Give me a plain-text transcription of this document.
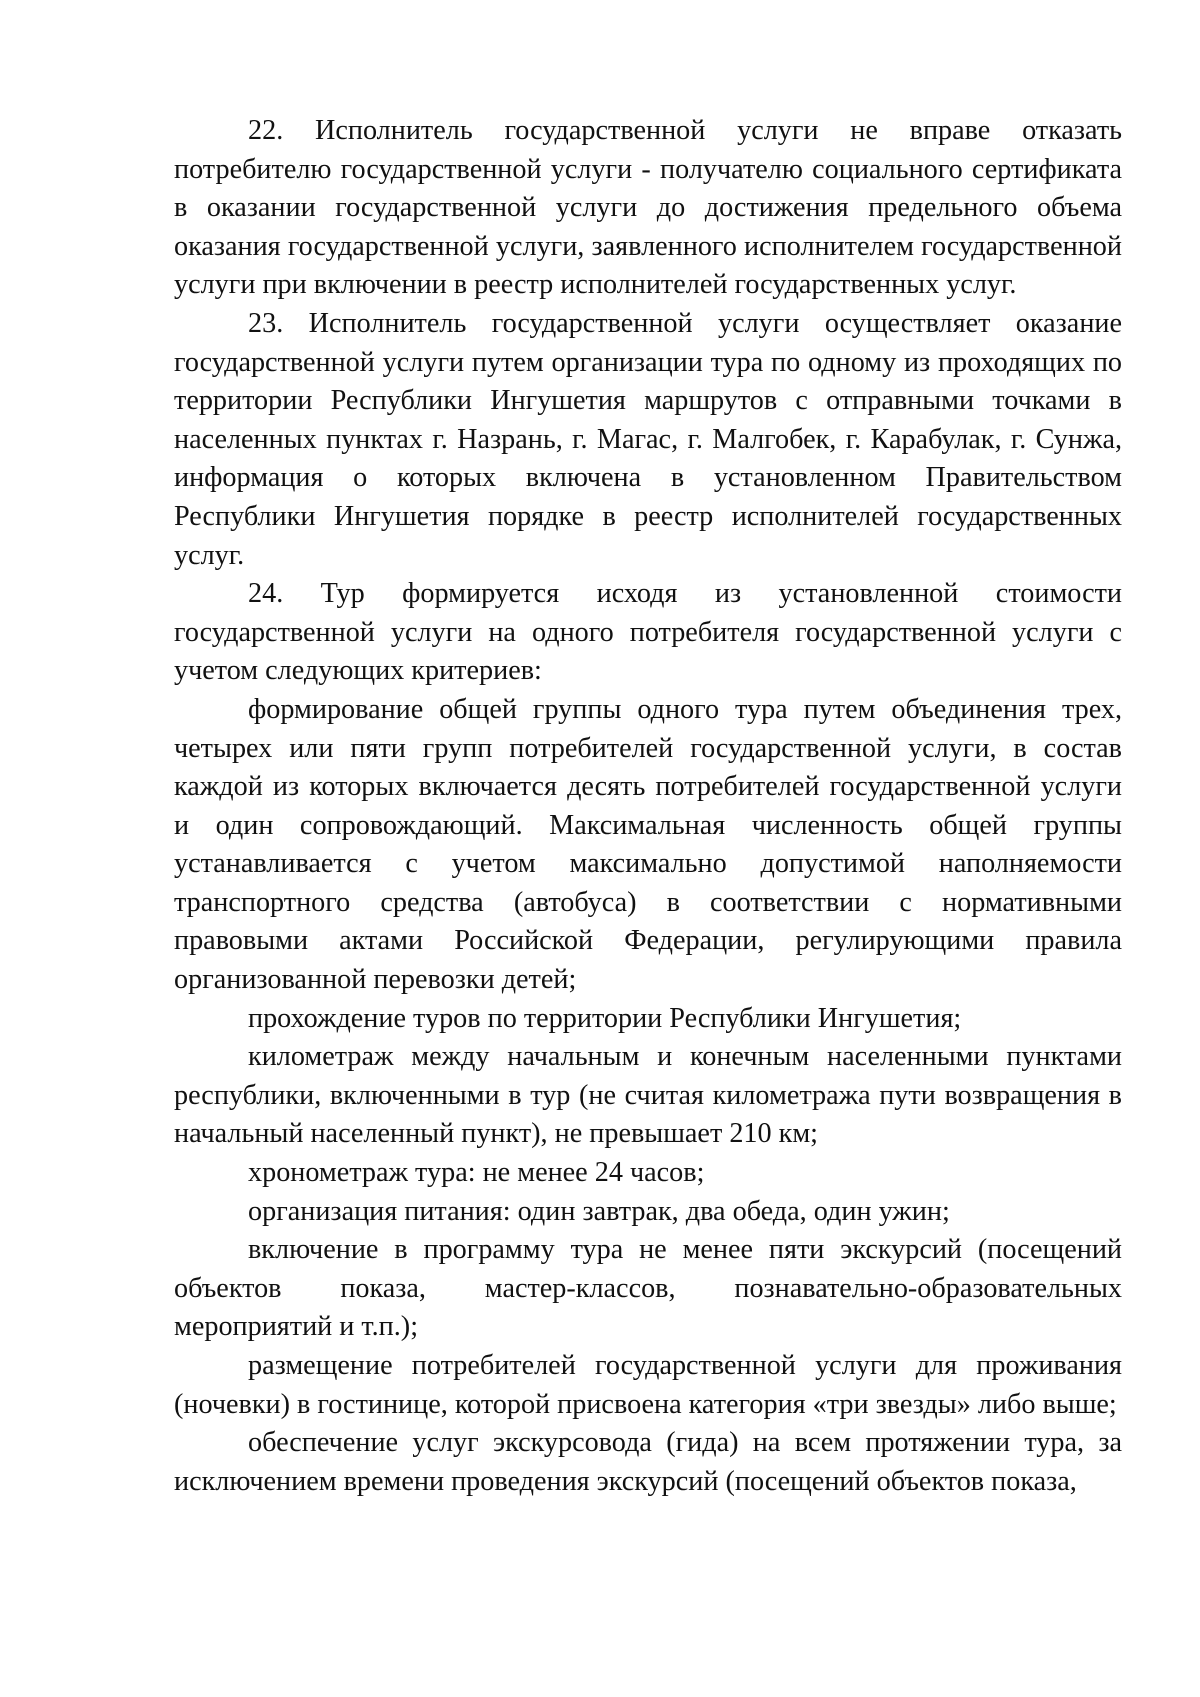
22. Исполнитель государственной услуги не вправе отказать потребителю государственной услуги - получателю социального сертификата в оказании государственной услуги до достижения предельного объема оказания государственной услуги, заявленного исполнителем государственной услуги при включении в реестр исполнителей государственных услуг.

23. Исполнитель государственной услуги осуществляет оказание государственной услуги путем организации тура по одному из проходящих по территории Республики Ингушетия маршрутов с отправными точками в населенных пунктах г. Назрань, г. Магас, г. Малгобек, г. Карабулак, г. Сунжа, информация о которых включена в установленном Правительством Республики Ингушетия порядке в реестр исполнителей государственных услуг.

24. Тур формируется исходя из установленной стоимости государственной услуги на одного потребителя государственной услуги с учетом следующих критериев:

формирование общей группы одного тура путем объединения трех, четырех или пяти групп потребителей государственной услуги, в состав каждой из которых включается десять потребителей государственной услуги и один сопровождающий. Максимальная численность общей группы устанавливается с учетом максимально допустимой наполняемости транспортного средства (автобуса) в соответствии с нормативными правовыми актами Российской Федерации, регулирующими правила организованной перевозки детей;

прохождение туров по территории Республики Ингушетия;

километраж между начальным и конечным населенными пунктами республики, включенными в тур (не считая километража пути возвращения в начальный населенный пункт), не превышает 210 км;

хронометраж тура: не менее 24 часов;

организация питания: один завтрак, два обеда, один ужин;

включение в программу тура не менее пяти экскурсий (посещений объектов показа, мастер-классов, познавательно-образовательных мероприятий и т.п.);

размещение потребителей государственной услуги для проживания (ночевки) в гостинице, которой присвоена категория «три звезды» либо выше;

обеспечение услуг экскурсовода (гида) на всем протяжении тура, за исключением времени проведения экскурсий (посещений объектов показа,
